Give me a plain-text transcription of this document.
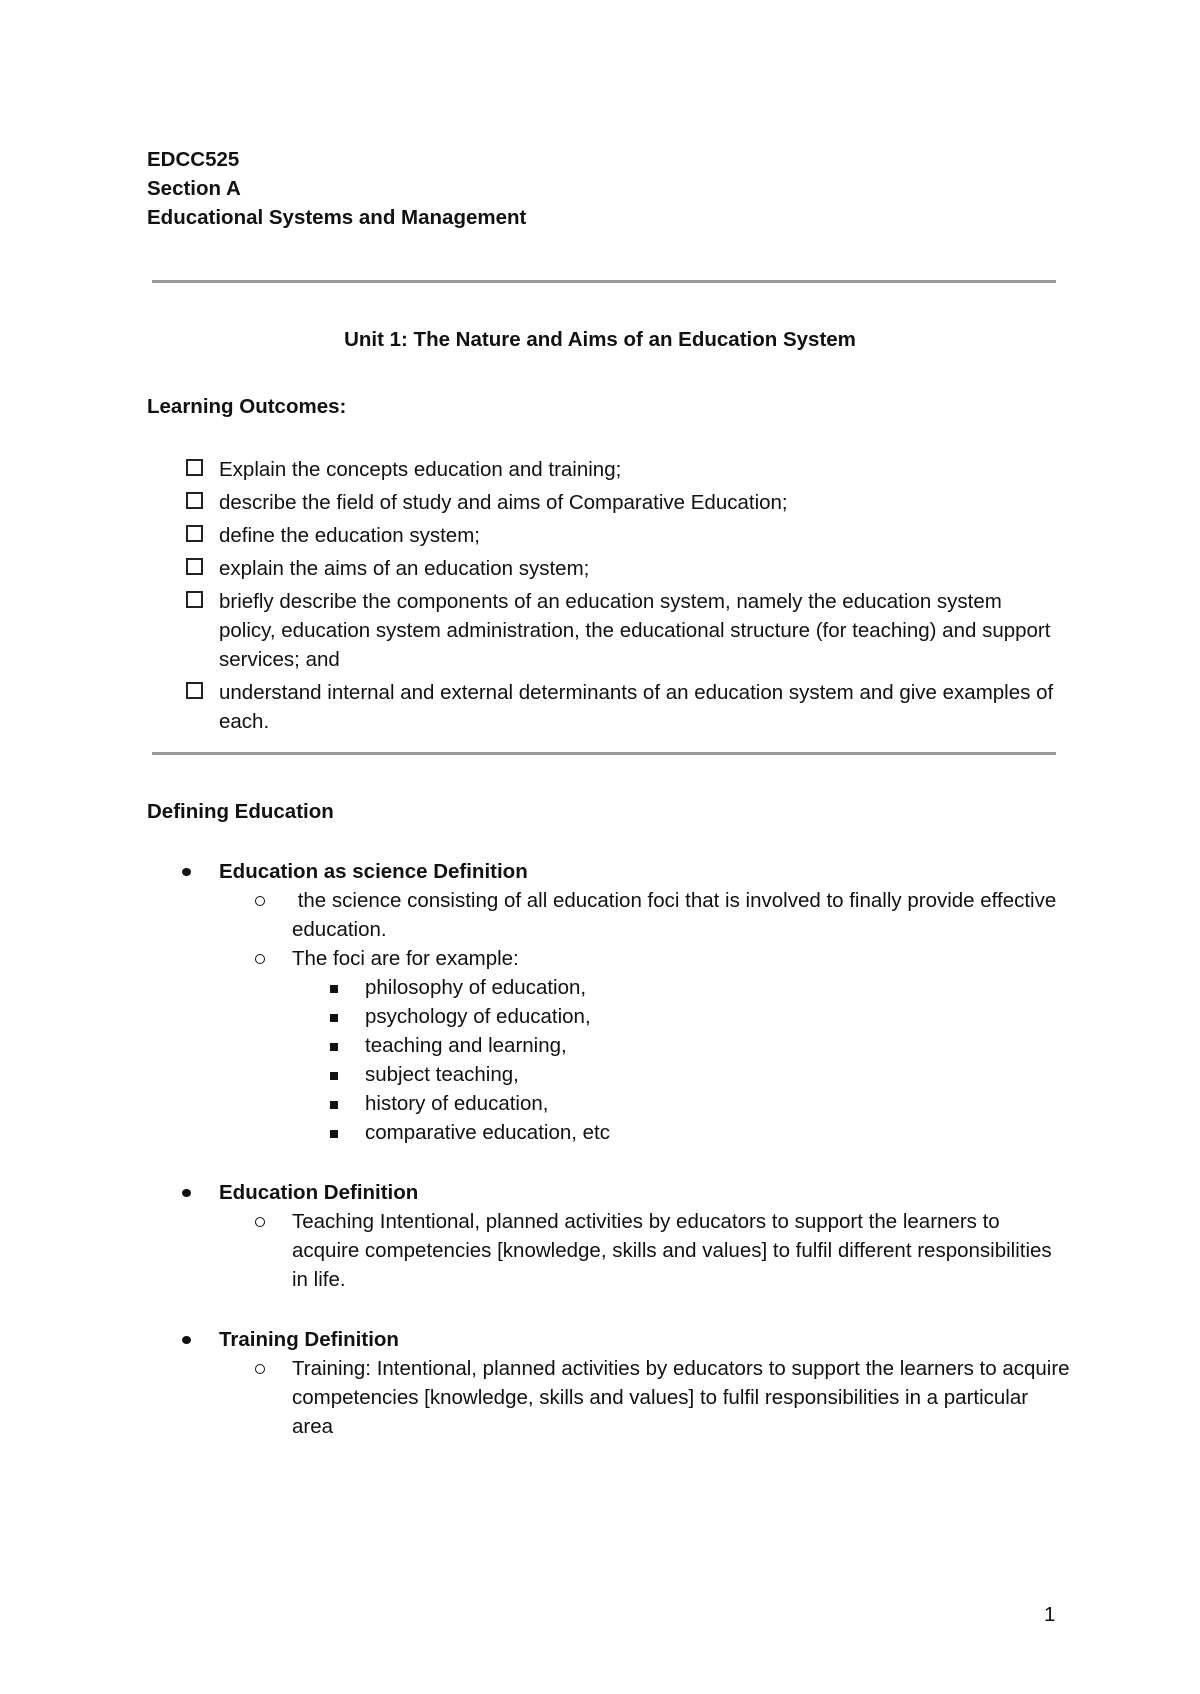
EDCC525
Section A
Educational Systems and Management
Unit 1: The Nature and Aims of an Education System
Learning Outcomes:
Explain the concepts education and training;
describe the field of study and aims of Comparative Education;
define the education system;
explain the aims of an education system;
briefly describe the components of an education system, namely the education system policy, education system administration, the educational structure (for teaching) and support services; and
understand internal and external determinants of an education system and give examples of each.
Defining Education
Education as science Definition
the science consisting of all education foci that is involved to finally provide effective education.
The foci are for example:
philosophy of education,
psychology of education,
teaching and learning,
subject teaching,
history of education,
comparative education, etc
Education Definition
Teaching Intentional, planned activities by educators to support the learners to acquire competencies [knowledge, skills and values] to fulfil different responsibilities in life.
Training Definition
Training: Intentional, planned activities by educators to support the learners to acquire competencies [knowledge, skills and values] to fulfil responsibilities in a particular area
1
